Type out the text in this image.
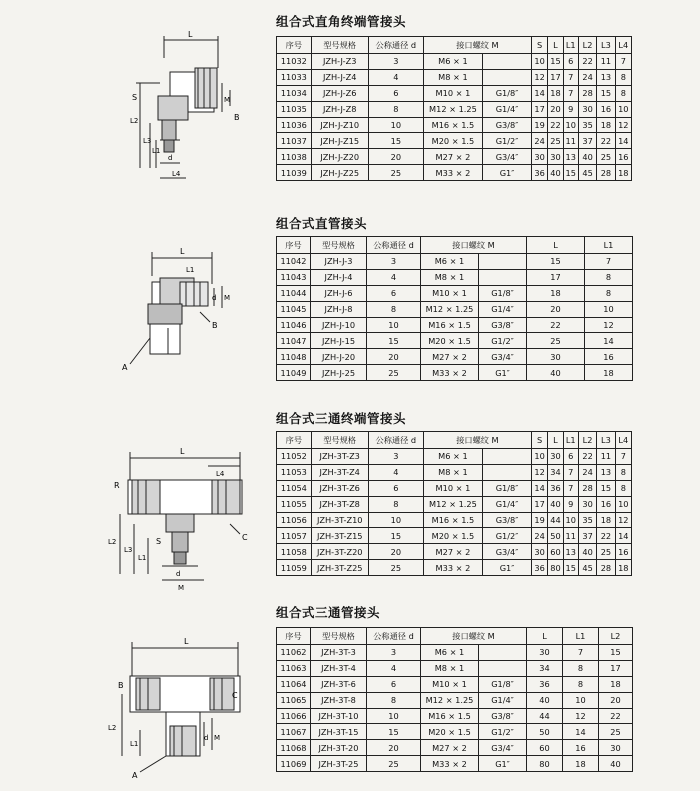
组合式直角终端管接头
L
L2
L3
L1
S	M
d
B
L4
序号	型号规格	公称通径 d	接口螺纹 M		S	L	L1	L2	L3	L4
11032	JZH-J-Z3	3	M6 × 1		10	15	6	22	11	7
11033	JZH-J-Z4	4	M8 × 1		12	17	7	24	13	8
11034	JZH-J-Z6	6	M10 × 1	G1/8″	14	18	7	28	15	8
11035	JZH-J-Z8	8	M12 × 1.25	G1/4″	17	20	9	30	16	10
11036	JZH-J-Z10	10	M16 × 1.5	G3/8″	19	22	10	35	18	12
11037	JZH-J-Z15	15	M20 × 1.5	G1/2″	24	25	11	37	22	14
11038	JZH-J-Z20	20	M27 × 2	G3/4″	30	30	13	40	25	16
11039	JZH-J-Z25	25	M33 × 2	G1″	36	40	15	45	28	18
组合式直管接头
L
L1
d M
B
A
序号	型号规格	公称通径 d	接口螺纹 M		L	L1
11042	JZH-J-3	3	M6 × 1		15	7
11043	JZH-J-4	4	M8 × 1		17	8
11044	JZH-J-6	6	M10 × 1	G1/8″	18	8
11045	JZH-J-8	8	M12 × 1.25	G1/4″	20	10
11046	JZH-J-10	10	M16 × 1.5	G3/8″	22	12
11047	JZH-J-15	15	M20 × 1.5	G1/2″	25	14
11048	JZH-J-20	20	M27 × 2	G3/4″	30	16
11049	JZH-J-25	25	M33 × 2	G1″	40	18
组合式三通终端管接头
L
L4
R
L2
L3
L1
S
d
M
C
序号	型号规格	公称通径 d	接口螺纹 M		S	L	L1	L2	L3	L4
11052	JZH-3T-Z3	3	M6 × 1		10	30	6	22	11	7
11053	JZH-3T-Z4	4	M8 × 1		12	34	7	24	13	8
11054	JZH-3T-Z6	6	M10 × 1	G1/8″	14	36	7	28	15	8
11055	JZH-3T-Z8	8	M12 × 1.25	G1/4″	17	40	9	30	16	10
11056	JZH-3T-Z10	10	M16 × 1.5	G3/8″	19	44	10	35	18	12
11057	JZH-3T-Z15	15	M20 × 1.5	G1/2″	24	50	11	37	22	14
11058	JZH-3T-Z20	20	M27 × 2	G3/4″	30	60	13	40	25	16
11059	JZH-3T-Z25	25	M33 × 2	G1″	36	80	15	45	28	18
组合式三通管接头
L
B
L2
L1
d M
C
A
序号	型号规格	公称通径 d	接口螺纹 M		L	L1	L2
11062	JZH-3T-3	3	M6 × 1		30	7	15
11063	JZH-3T-4	4	M8 × 1		34	8	17
11064	JZH-3T-6	6	M10 × 1	G1/8″	36	8	18
11065	JZH-3T-8	8	M12 × 1.25	G1/4″	40	10	20
11066	JZH-3T-10	10	M16 × 1.5	G3/8″	44	12	22
11067	JZH-3T-15	15	M20 × 1.5	G1/2″	50	14	25
11068	JZH-3T-20	20	M27 × 2	G3/4″	60	16	30
11069	JZH-3T-25	25	M33 × 2	G1″	80	18	40
